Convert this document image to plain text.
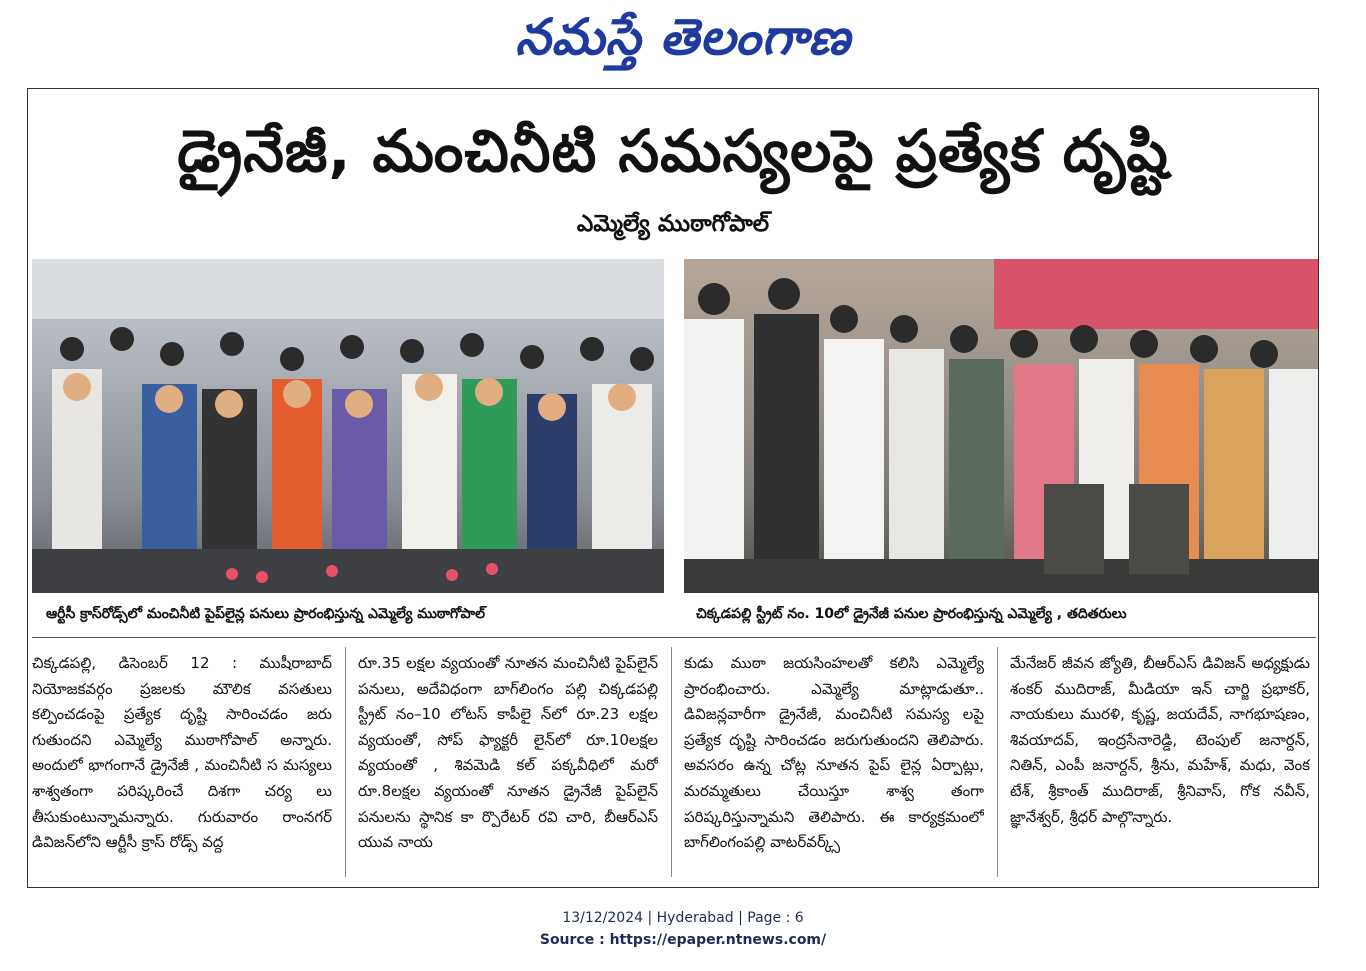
నమస్తే తెలంగాణ
డ్రైనేజీ, మంచినీటి సమస్యలపై ప్రత్యేక దృష్టి
ఎమ్మెల్యే ముఠాగోపాల్
ఆర్టీసీ క్రాస్‌రోడ్స్‌లో మంచినీటి పైప్‌లైన్ల పనులు ప్రారంభిస్తున్న ఎమ్మెల్యే ముఠాగోపాల్	చిక్కడపల్లి స్ట్రీట్ నం. 10లో డ్రైనేజీ పనుల ప్రారంభిస్తున్న ఎమ్మెల్యే , తదితరులు

చిక్కడపల్లి, డిసెంబర్ 12 : ముషీరాబాద్ నియోజకవర్గం ప్రజలకు మౌలిక వసతులు కల్పించడంపై ప్రత్యేక దృష్టి సారించడం జరు గుతుందని ఎమ్మెల్యే ముఠాగోపాల్ అన్నారు. అందులో భాగంగానే డ్రైనేజీ , మంచినీటి స మస్యలు శాశ్వతంగా పరిష్కరించే దిశగా చర్య లు తీసుకుంటున్నామన్నారు. గురువారం రాంనగర్ డివిజన్‌లోని ఆర్టీసీ క్రాస్ రోడ్స్ వద్ద

రూ.35 లక్షల వ్యయంతో నూతన మంచినీటి పైప్‌లైన్ పనులు, అదేవిధంగా బాగ్‌లింగం పల్లి చిక్కడపల్లి స్ట్రీట్ నం–10 లోటస్ కాపీలై న్‌లో రూ.23 లక్షల వ్యయంతో, సోప్ ఫ్యాక్టరీ లైన్‌లో రూ.10లక్షల వ్యయంతో , శివమెడి కల్ పక్కవీధిలో మరో రూ.8లక్షల వ్యయంతో నూతన డ్రైనేజీ పైప్‌లైన్ పనులను స్థానిక కా ర్పొరేటర్ రవి చారి, బీఆర్‌ఎస్ యువ నాయ

కుడు ముఠా జయసింహలతో కలిసి ఎమ్మెల్యే ప్రారంభించారు. ఎమ్మెల్యే మాట్లాడుతూ.. డివిజన్లవారీగా డ్రైనేజీ, మంచినీటి సమస్య లపై ప్రత్యేక దృష్టి సారించడం జరుగుతుందని తెలిపారు. అవసరం ఉన్న చోట్ల నూతన పైప్ లైన్ల ఏర్పాట్లు, మరమ్మతులు చేయిస్తూ శాశ్వ తంగా పరిష్కరిస్తున్నామని తెలిపారు. ఈ కార్యక్రమంలో బాగ్‌లింగంపల్లి వాటర్‌వర్క్స్

మేనేజర్ జీవన జ్యోతి, బీఆర్‌ఎస్ డివిజన్ అధ్యక్షుడు శంకర్ ముదిరాజ్, మీడియా ఇన్ చార్జి ప్రభాకర్, నాయకులు మురళి, కృష్ణ, జయదేవ్, నాగభూషణం, శివయాదవ్, ఇంద్రసేనారెడ్డి, టెంపుల్ జనార్దన్, నితిన్, ఎంపీ జనార్దన్, శ్రీను, మహేశ్, మధు, వెంక టేశ్, శ్రీకాంత్ ముదిరాజ్, శ్రీనివాస్, గోక నవీన్, జ్ఞానేశ్వర్, శ్రీధర్ పాల్గొన్నారు.

13/12/2024 | Hyderabad | Page : 6
Source : https://epaper.ntnews.com/
